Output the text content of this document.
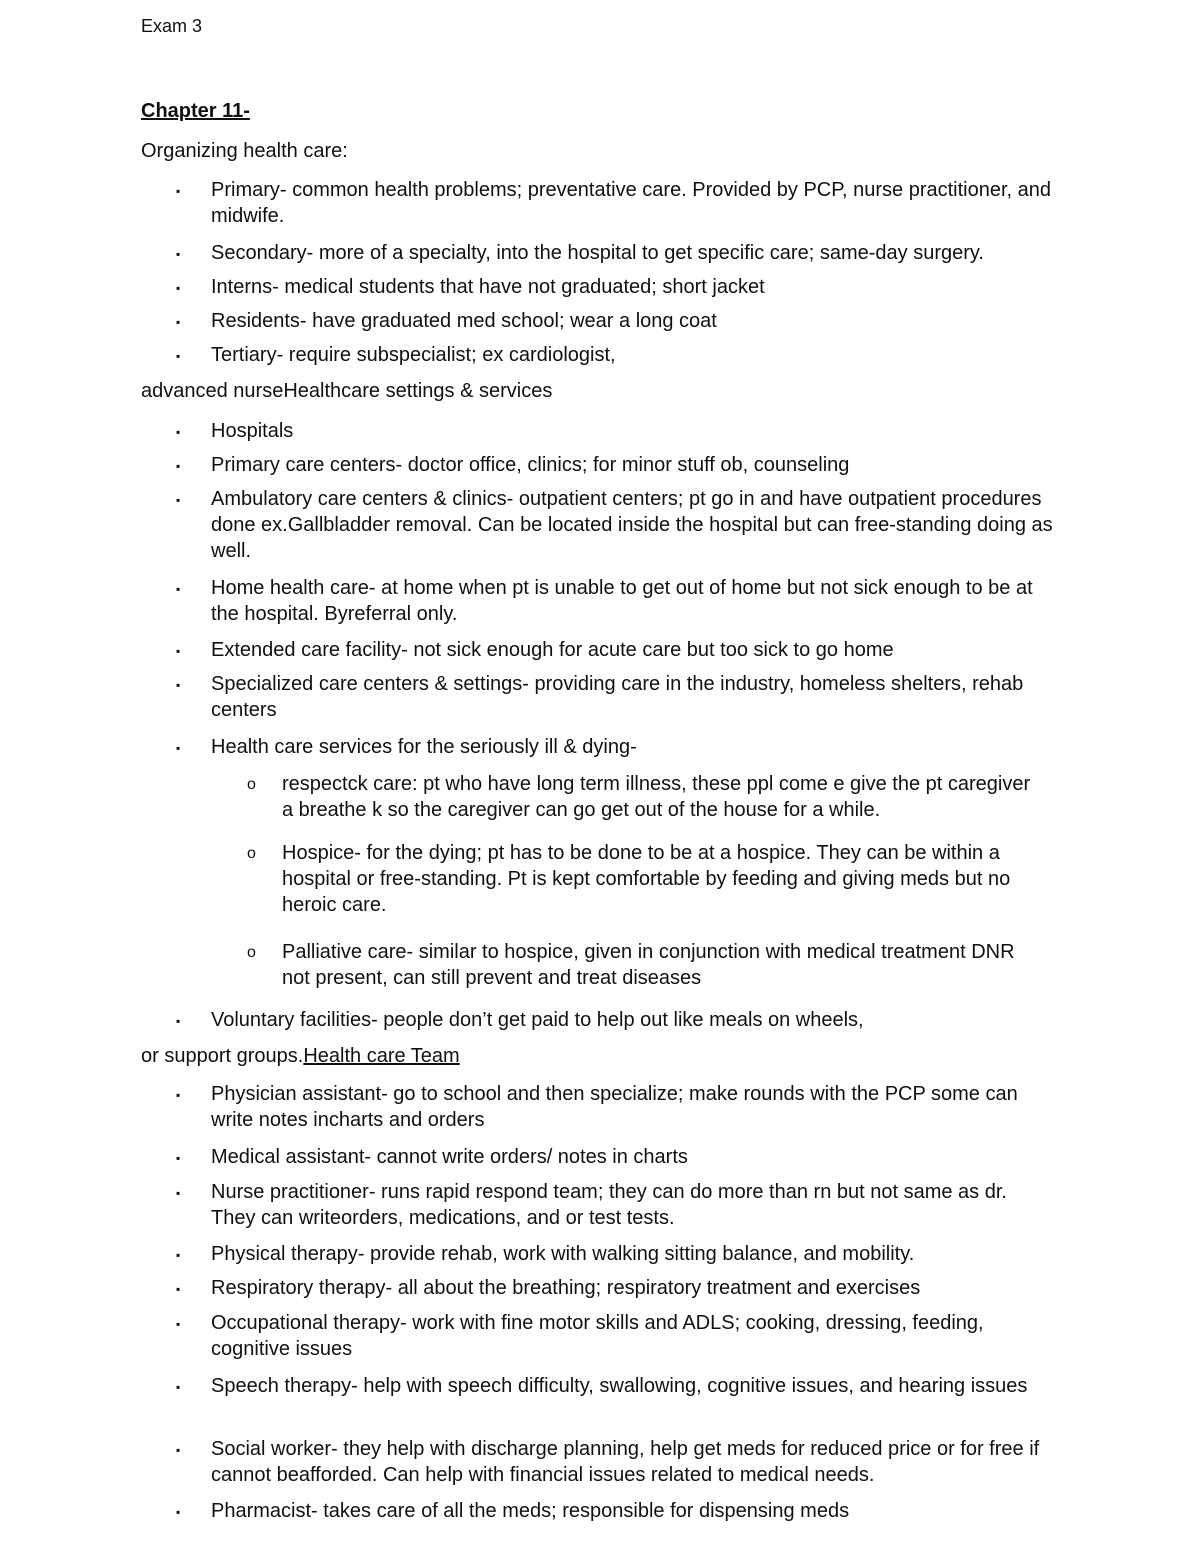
Exam 3
Chapter 11-
Organizing health care:
▪	Primary- common health problems; preventative care. Provided by PCP, nurse practitioner, and midwife.
▪	Secondary- more of a specialty, into the hospital to get specific care; same-day surgery.
▪	Interns- medical students that have not graduated; short jacket
▪	Residents- have graduated med school; wear a long coat
▪	Tertiary- require subspecialist; ex cardiologist,
advanced nurseHealthcare settings & services
▪	Hospitals
▪	Primary care centers- doctor office, clinics; for minor stuff ob, counseling
▪	Ambulatory care centers & clinics- outpatient centers; pt go in and have outpatient procedures done ex.Gallbladder removal. Can be located inside the hospital but can free-standing doing as well.
▪	Home health care- at home when pt is unable to get out of home but not sick enough to be at the hospital. Byreferral only.
▪	Extended care facility- not sick enough for acute care but too sick to go home
▪	Specialized care centers & settings- providing care in the industry, homeless shelters, rehab centers
▪	Health care services for the seriously ill & dying-
o respectck care: pt who have long term illness, these ppl come e give the pt caregiver a breathe k so the caregiver can go get out of the house for a while.
o Hospice- for the dying; pt has to be done to be at a hospice. They can be within a hospital or free-standing. Pt is kept comfortable by feeding and giving meds but no heroic care.
o Palliative care- similar to hospice, given in conjunction with medical treatment DNR not present, can still prevent and treat diseases
▪	Voluntary facilities- people don’t get paid to help out like meals on wheels,
or support groups.Health care Team
▪	Physician assistant- go to school and then specialize; make rounds with the PCP some can write notes incharts and orders
▪	Medical assistant- cannot write orders/ notes in charts
▪	Nurse practitioner- runs rapid respond team; they can do more than rn but not same as dr. They can writeorders, medications, and or test tests.
▪	Physical therapy- provide rehab, work with walking sitting balance, and mobility.
▪	Respiratory therapy- all about the breathing; respiratory treatment and exercises
▪	Occupational therapy- work with fine motor skills and ADLS; cooking, dressing, feeding, cognitive issues
▪	Speech therapy- help with speech difficulty, swallowing, cognitive issues, and hearing issues
▪	Social worker- they help with discharge planning, help get meds for reduced price or for free if cannot beafforded. Can help with financial issues related to medical needs.
▪	Pharmacist- takes care of all the meds; responsible for dispensing meds
